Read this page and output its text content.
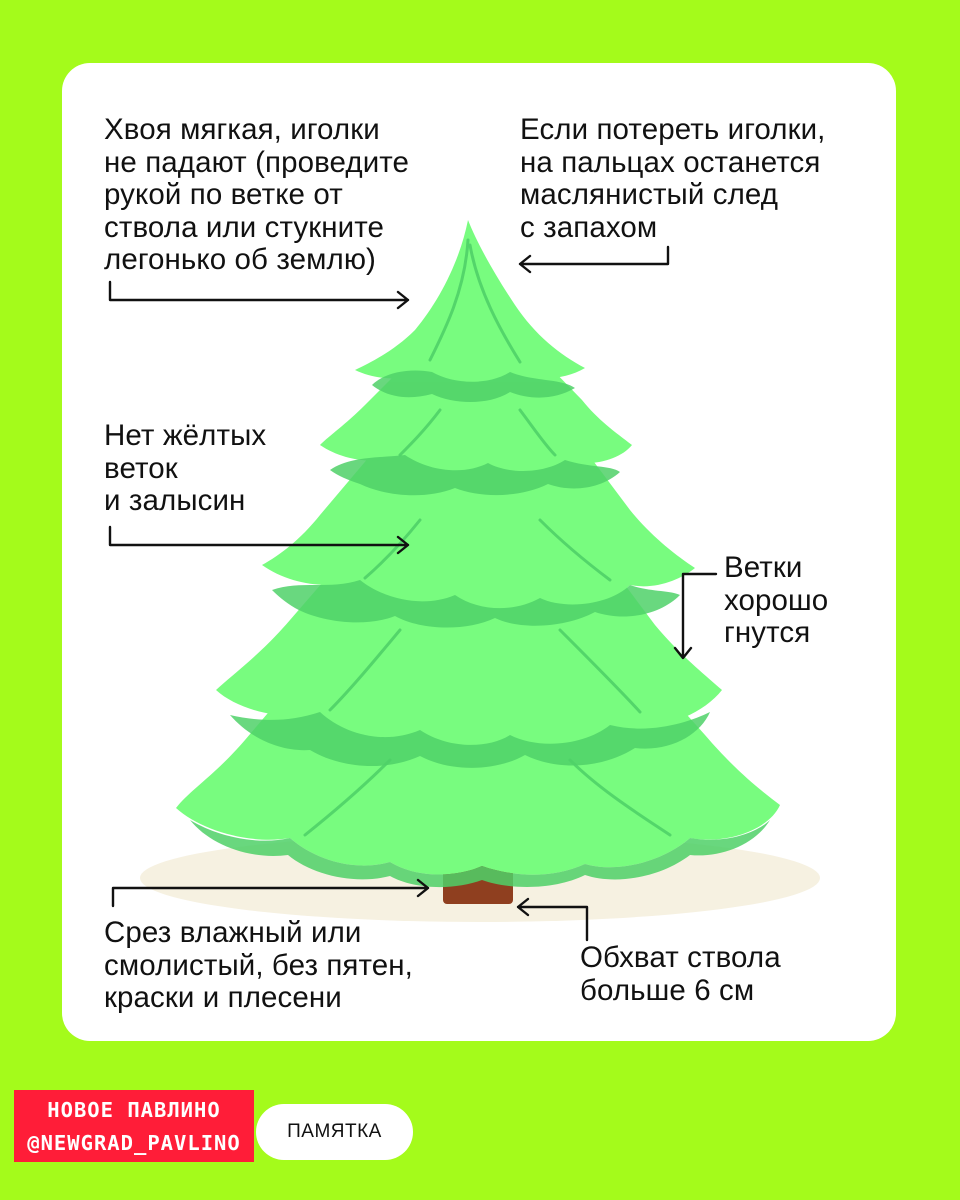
Хвоя мягкая, иголки
не падают (проведите
рукой по ветке от
ствола или стукните
легонько об землю)
Если потереть иголки,
на пальцах останется
маслянистый след
с запахом
Нет жёлтых
веток
и залысин
Ветки
хорошо
гнутся
Срез влажный или
смолистый, без пятен,
краски и плесени
Обхват ствола
больше 6 см
НОВОЕ ПАВЛИНО
@NEWGRAD_PAVLINO	ПАМЯТКА
